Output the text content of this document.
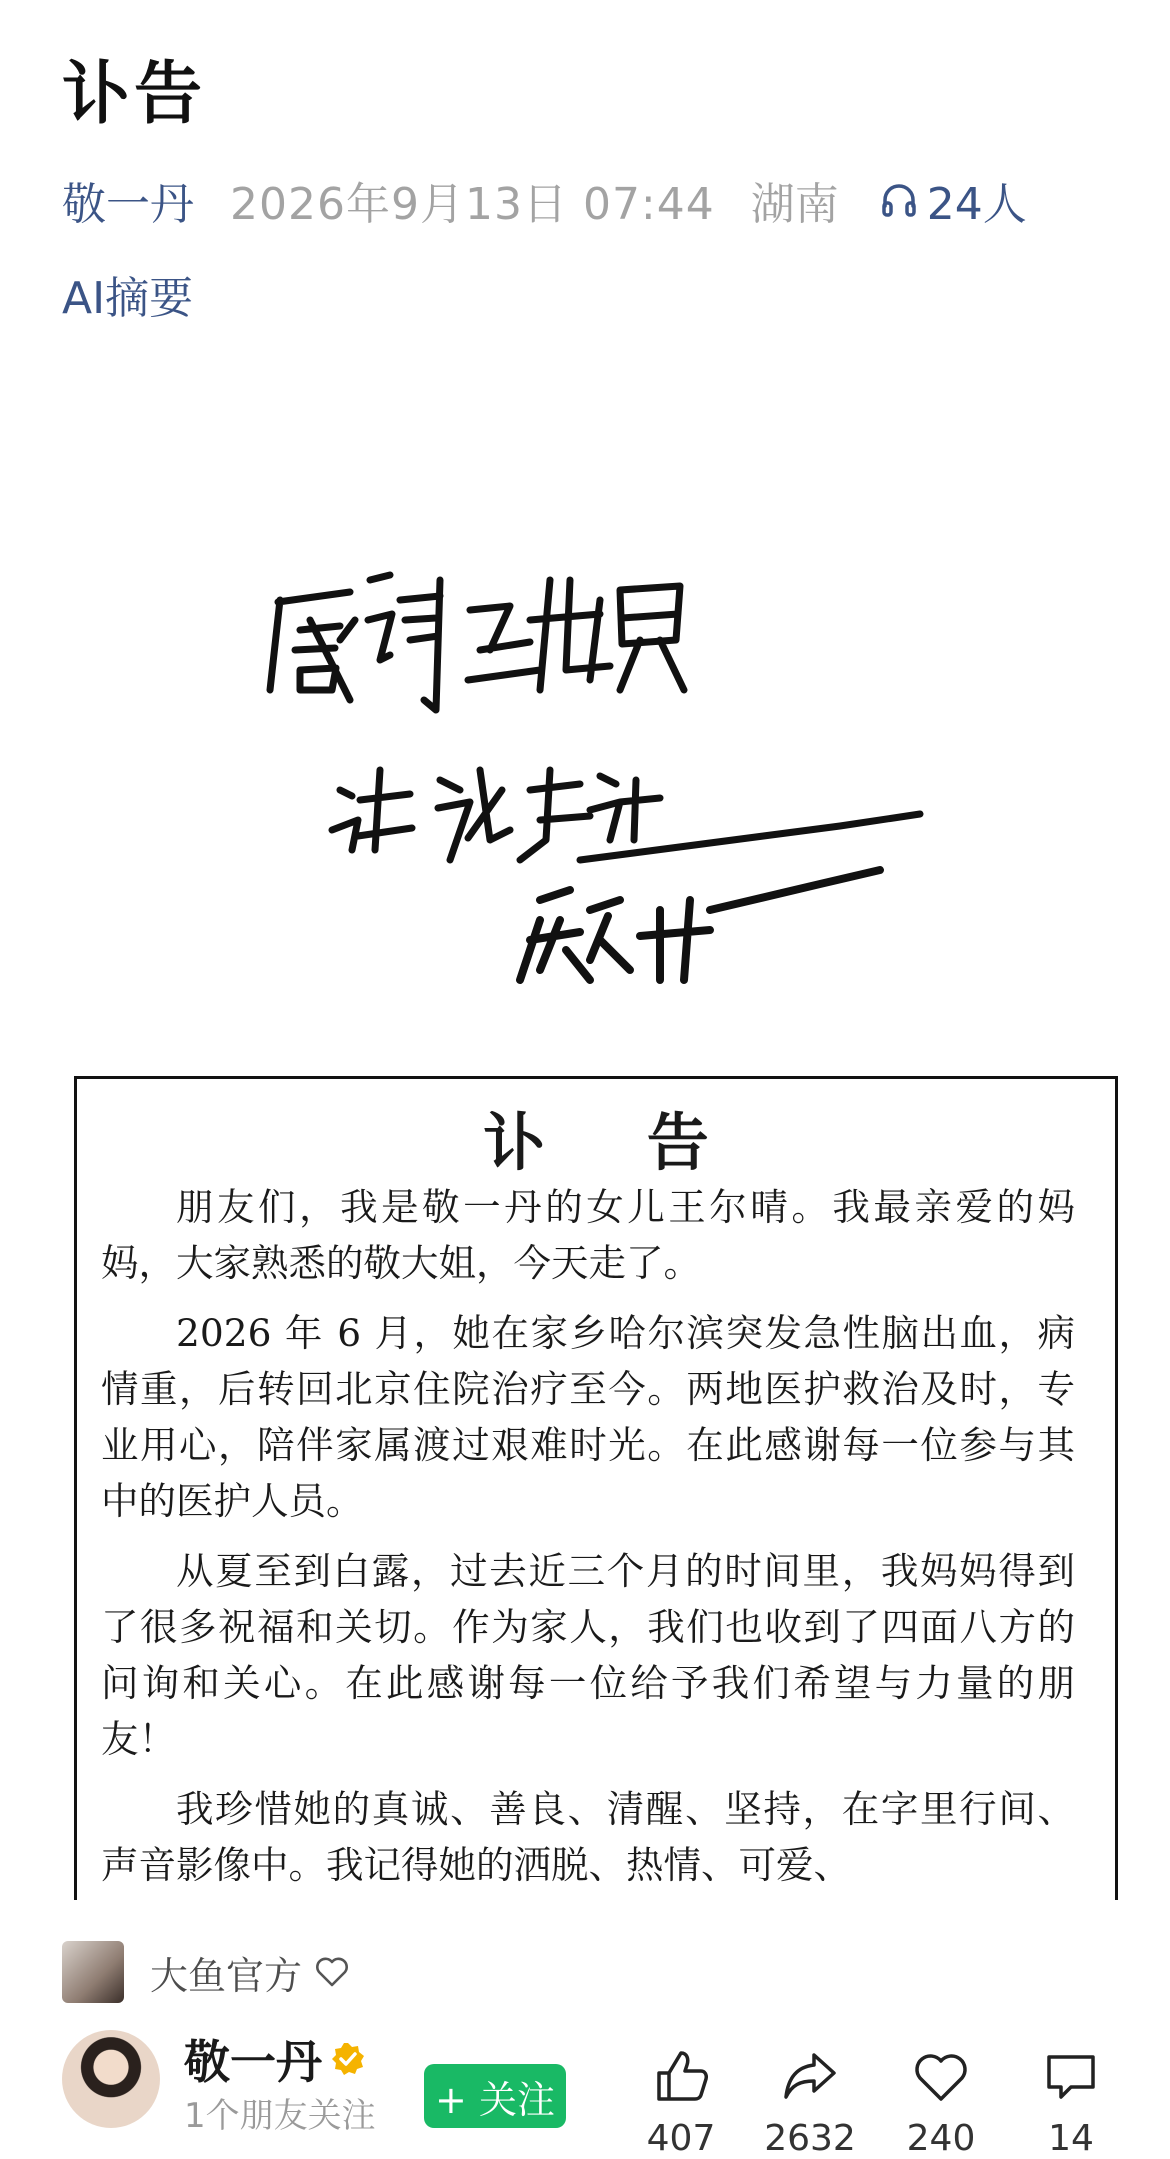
讣告
敬一丹 2026年9月13日 07:44 湖南 24人
AI摘要
讣 告

朋友们，我是敬一丹的女儿王尔晴。我最亲爱的妈妈，大家熟悉的敬大姐，今天走了。

2026 年 6 月，她在家乡哈尔滨突发急性脑出血，病情重，后转回北京住院治疗至今。两地医护救治及时，专业用心，陪伴家属渡过艰难时光。在此感谢每一位参与其中的医护人员。

从夏至到白露，过去近三个月的时间里，我妈妈得到了很多祝福和关切。作为家人，我们也收到了四面八方的问询和关心。在此感谢每一位给予我们希望与力量的朋友！

我珍惜她的真诚、善良、清醒、坚持，在字里行间、声音影像中。我记得她的洒脱、热情、可爱、

大鱼官方
敬一丹
1个朋友关注 + 关注
407	2632	240	14
